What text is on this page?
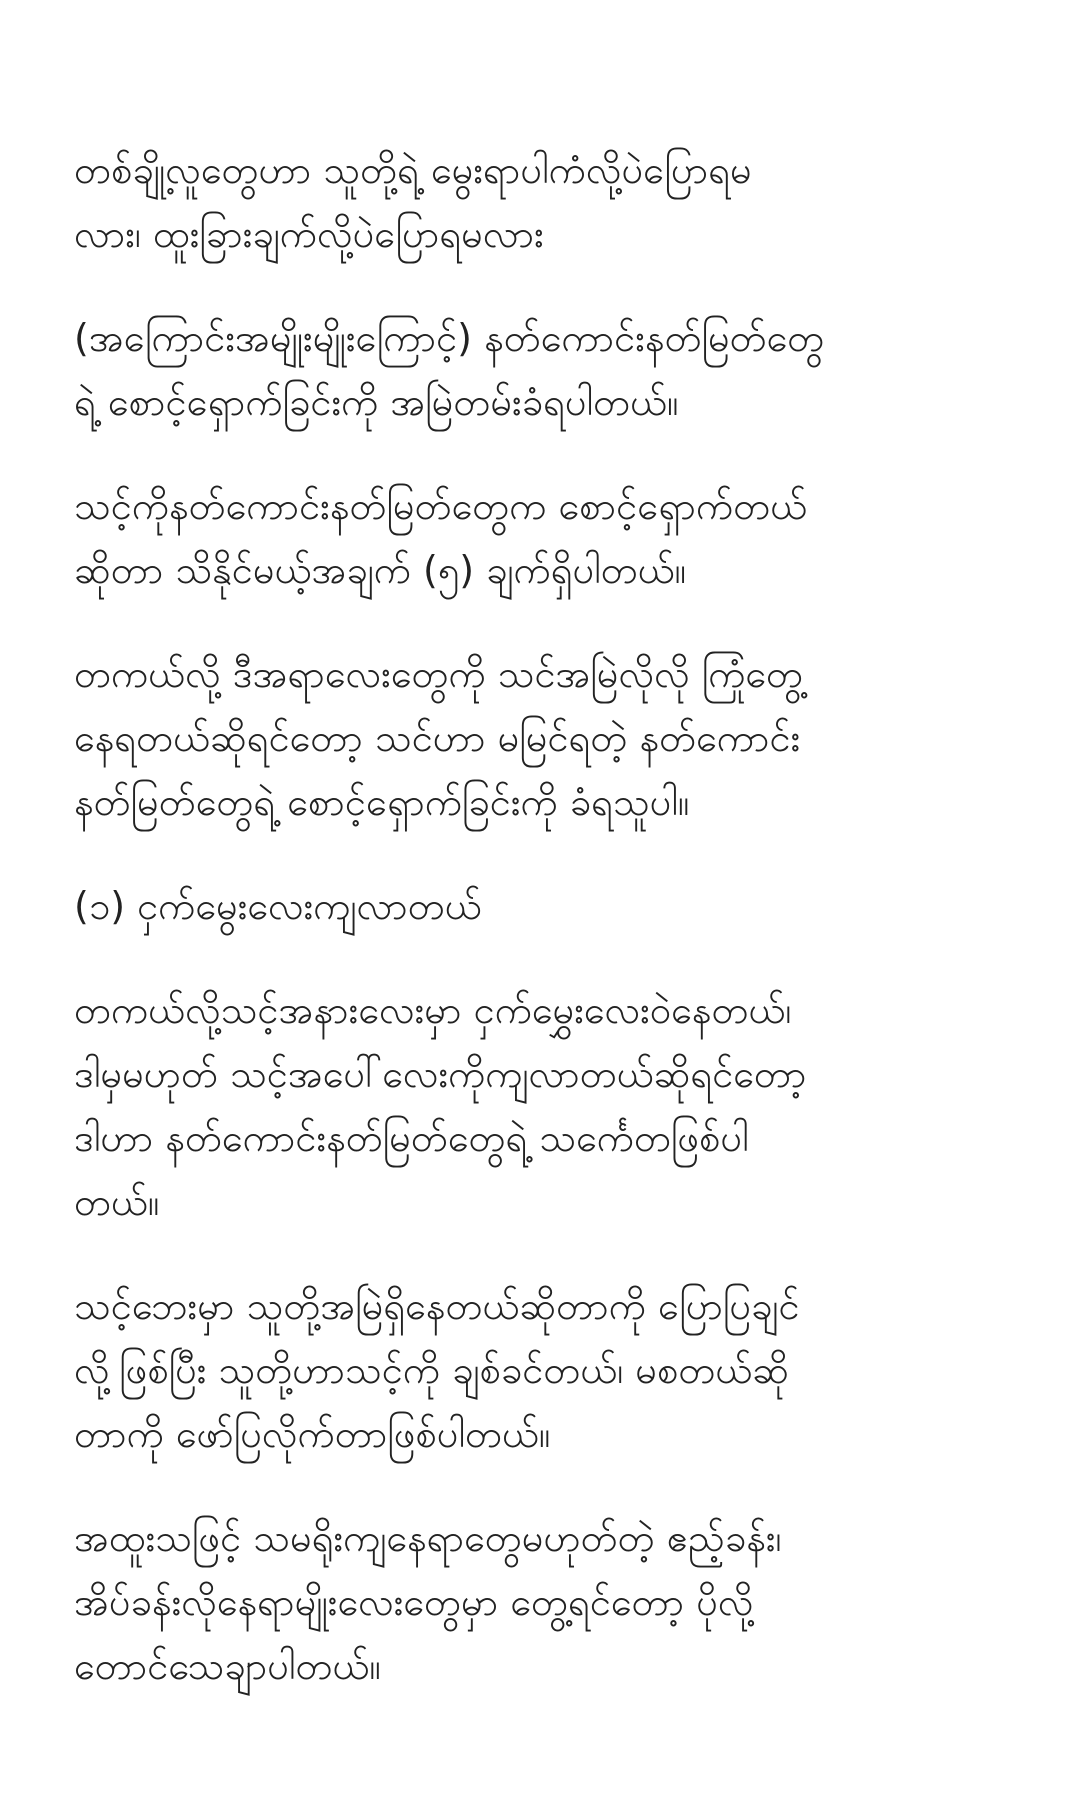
တစ်ချို့လူတွေဟာ သူတို့ရဲ့ မွေးရာပါကံလို့ပဲပြောရမ
လား၊ ထူးခြားချက်လို့ပဲပြောရမလား

(အကြောင်းအမျိုးမျိုးကြောင့်) နတ်ကောင်းနတ်မြတ်တွေ
ရဲ့ စောင့်ရှောက်ခြင်းကို အမြဲတမ်းခံရပါတယ်။

သင့်ကိုနတ်ကောင်းနတ်မြတ်တွေက စောင့်ရှောက်တယ်
ဆိုတာ သိနိုင်မယ့်အချက် (၅) ချက်ရှိပါတယ်။

တကယ်လို့ ဒီအရာလေးတွေကို သင်အမြဲလိုလို ကြုံတွေ့
နေရတယ်ဆိုရင်တော့ သင်ဟာ မမြင်ရတဲ့ နတ်ကောင်း
နတ်မြတ်တွေရဲ့ စောင့်ရှောက်ခြင်းကို ခံရသူပါ။

(၁) ငှက်မွေးလေးကျလာတယ်

တကယ်လို့သင့်အနားလေးမှာ ငှက်မွှေးလေးဝဲနေတယ်၊
ဒါမှမဟုတ် သင့်အပေါ်လေးကိုကျလာတယ်ဆိုရင်တော့
ဒါဟာ နတ်ကောင်းနတ်မြတ်တွေရဲ့ သင်္ကေတဖြစ်ပါ
တယ်။

သင့်ဘေးမှာ သူတို့အမြဲရှိနေတယ်ဆိုတာကို ပြောပြချင်
လို့ဖြစ်ပြီး သူတို့ဟာသင့်ကို ချစ်ခင်တယ်၊ မစတယ်ဆို
တာကို ဖော်ပြလိုက်တာဖြစ်ပါတယ်။

အထူးသဖြင့် သမရိုးကျနေရာတွေမဟုတ်တဲ့ ဧည့်ခန်း၊
အိပ်ခန်းလိုနေရာမျိုးလေးတွေမှာ တွေ့ရင်တော့ ပိုလို့
တောင်သေချာပါတယ်။
